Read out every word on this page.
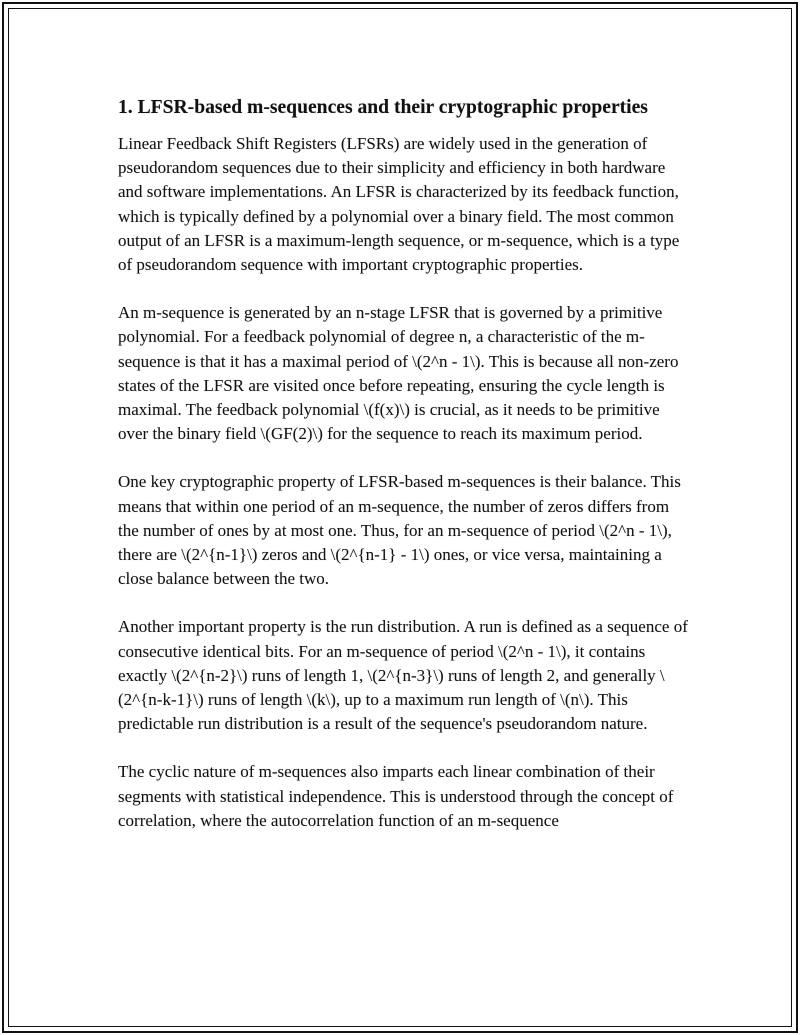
1. LFSR-based m-sequences and their cryptographic properties

Linear Feedback Shift Registers (LFSRs) are widely used in the generation of pseudorandom sequences due to their simplicity and efficiency in both hardware and software implementations. An LFSR is characterized by its feedback function, which is typically defined by a polynomial over a binary field. The most common output of an LFSR is a maximum-length sequence, or m-sequence, which is a type of pseudorandom sequence with important cryptographic properties.

An m-sequence is generated by an n-stage LFSR that is governed by a primitive polynomial. For a feedback polynomial of degree n, a characteristic of the m-sequence is that it has a maximal period of \(2^n - 1\). This is because all non-zero states of the LFSR are visited once before repeating, ensuring the cycle length is maximal. The feedback polynomial \(f(x)\) is crucial, as it needs to be primitive over the binary field \(GF(2)\) for the sequence to reach its maximum period.

One key cryptographic property of LFSR-based m-sequences is their balance. This means that within one period of an m-sequence, the number of zeros differs from the number of ones by at most one. Thus, for an m-sequence of period \(2^n - 1\), there are \(2^{n-1}\) zeros and \(2^{n-1} - 1\) ones, or vice versa, maintaining a close balance between the two.

Another important property is the run distribution. A run is defined as a sequence of consecutive identical bits. For an m-sequence of period \(2^n - 1\), it contains exactly \(2^{n-2}\) runs of length 1, \(2^{n-3}\) runs of length 2, and generally \(2^{n-k-1}\) runs of length \(k\), up to a maximum run length of \(n\). This predictable run distribution is a result of the sequence's pseudorandom nature.

The cyclic nature of m-sequences also imparts each linear combination of their segments with statistical independence. This is understood through the concept of correlation, where the autocorrelation function of an m-sequence
